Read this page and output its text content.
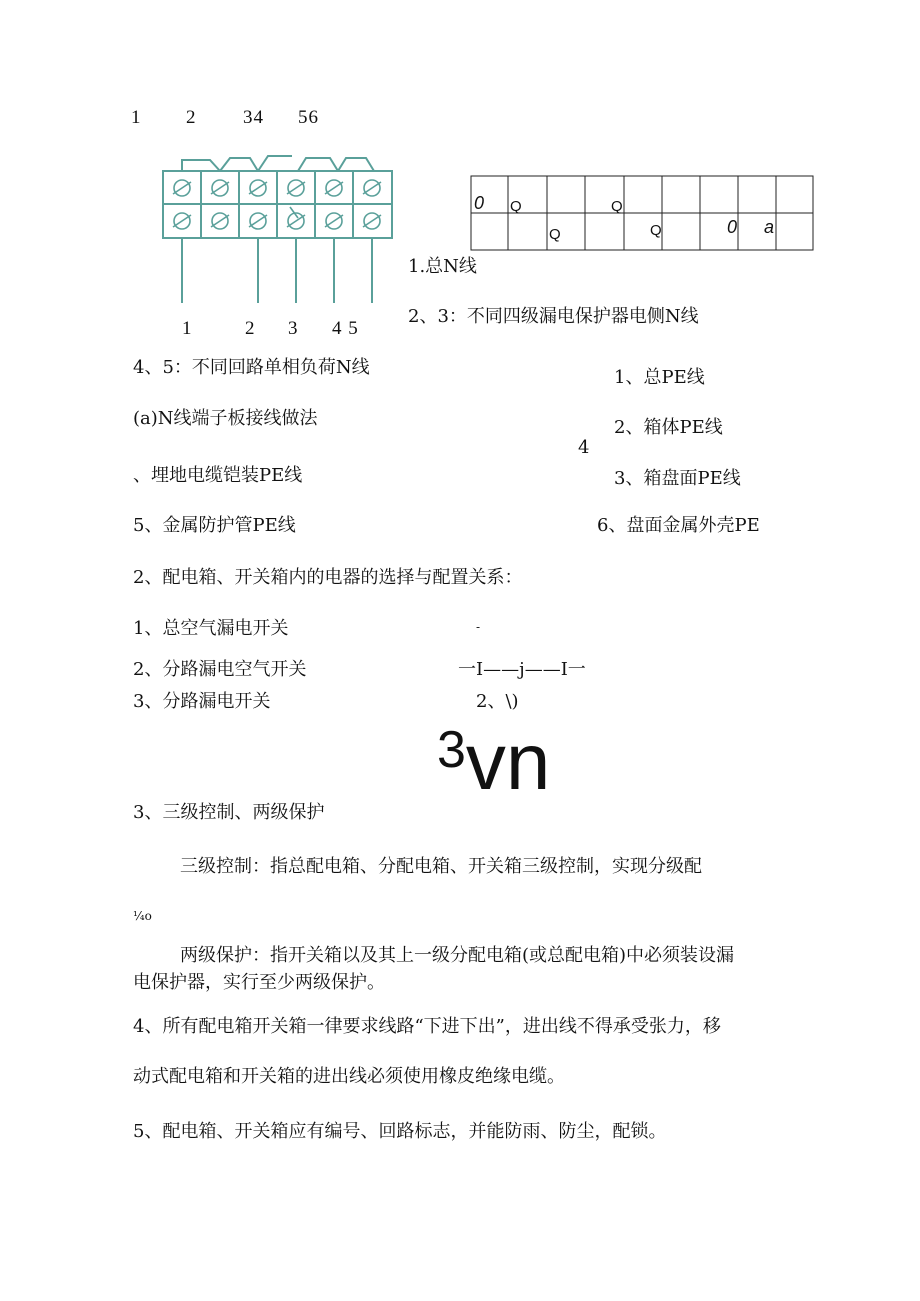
1 2 34 56
1	2 3 4 5
0 Q	Q
Q	Q	0 a
1.总N线
2、3：不同四级漏电保护器电侧N线
4、5：不同回路单相负荷N线
(a)N线端子板接线做法
1、总PE线
2、箱体PE线
4
3、箱盘面PE线
、埋地电缆铠装PE线
5、金属防护管PE线	6、盘面金属外壳PE
2、配电箱、开关箱内的电器的选择与配置关系：
1、总空气漏电开关	-
2、分路漏电空气开关	一I——j——I一
3、分路漏电开关	2、\)
$^3$vn
3、三级控制、两级保护
三级控制：指总配电箱、分配电箱、开关箱三级控制，实现分级配
¼o
两级保护：指开关箱以及其上一级分配电箱(或总配电箱)中必须装设漏
电保护器，实行至少两级保护。
4、所有配电箱开关箱一律要求线路“下进下出”，进出线不得承受张力，移
动式配电箱和开关箱的进出线必须使用橡皮绝缘电缆。
5、配电箱、开关箱应有编号、回路标志，并能防雨、防尘，配锁。
